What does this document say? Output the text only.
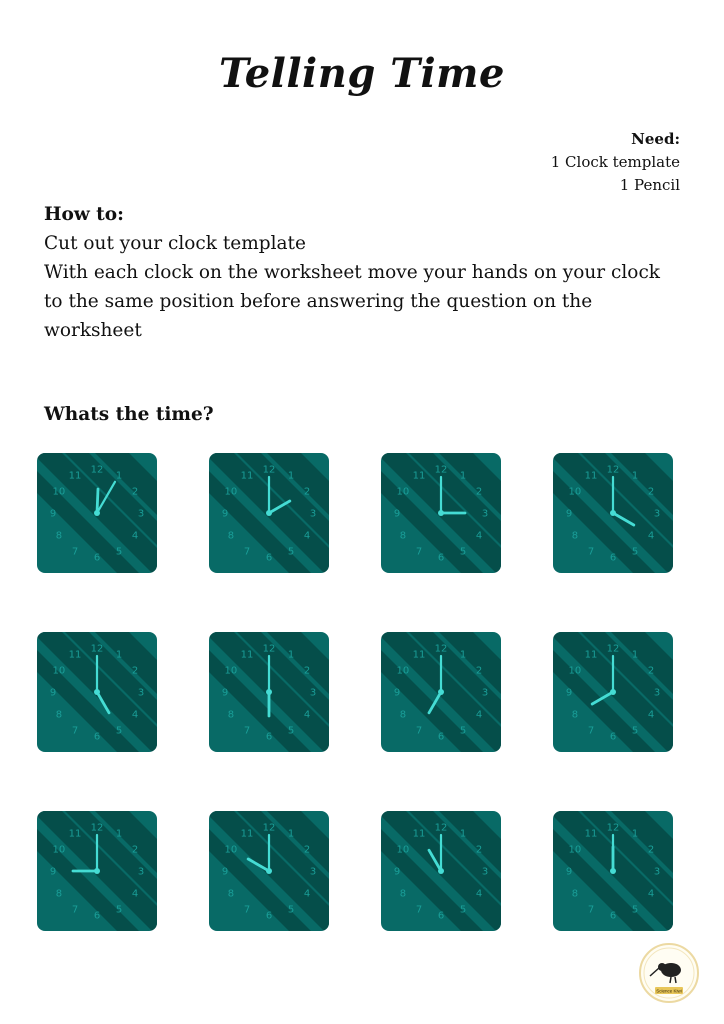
Telling Time
Need:
1 Clock template
1 Pencil
How to:
Cut out your clock template
With each clock on the worksheet move your hands on your clock to the same position before answering the question on the worksheet
Whats the time?
12
1
2
3
4
5
6
7
8
9
10
11
12
1
2
3
4
5
6
7
8
9
10
11
12
1
2
3
4
5
6
7
8
9
10
11
12
1
2
3
4
5
6
7
8
9
10
11
12
1
2
3
4
5
6
7
8
9
10
11
12
1
2
3
4
5
6
7
8
9
10
11
12
1
2
3
4
5
6
7
8
9
10
11
12
1
2
3
4
5
6
7
8
9
10
11
12
1
2
3
4
5
6
7
8
9
10
11
12
1
2
3
4
5
6
7
8
9
10
11
12
1
2
3
4
5
6
7
8
9
10
11
12
1
2
3
4
5
6
7
8
9
10
11
Science Kiwi
